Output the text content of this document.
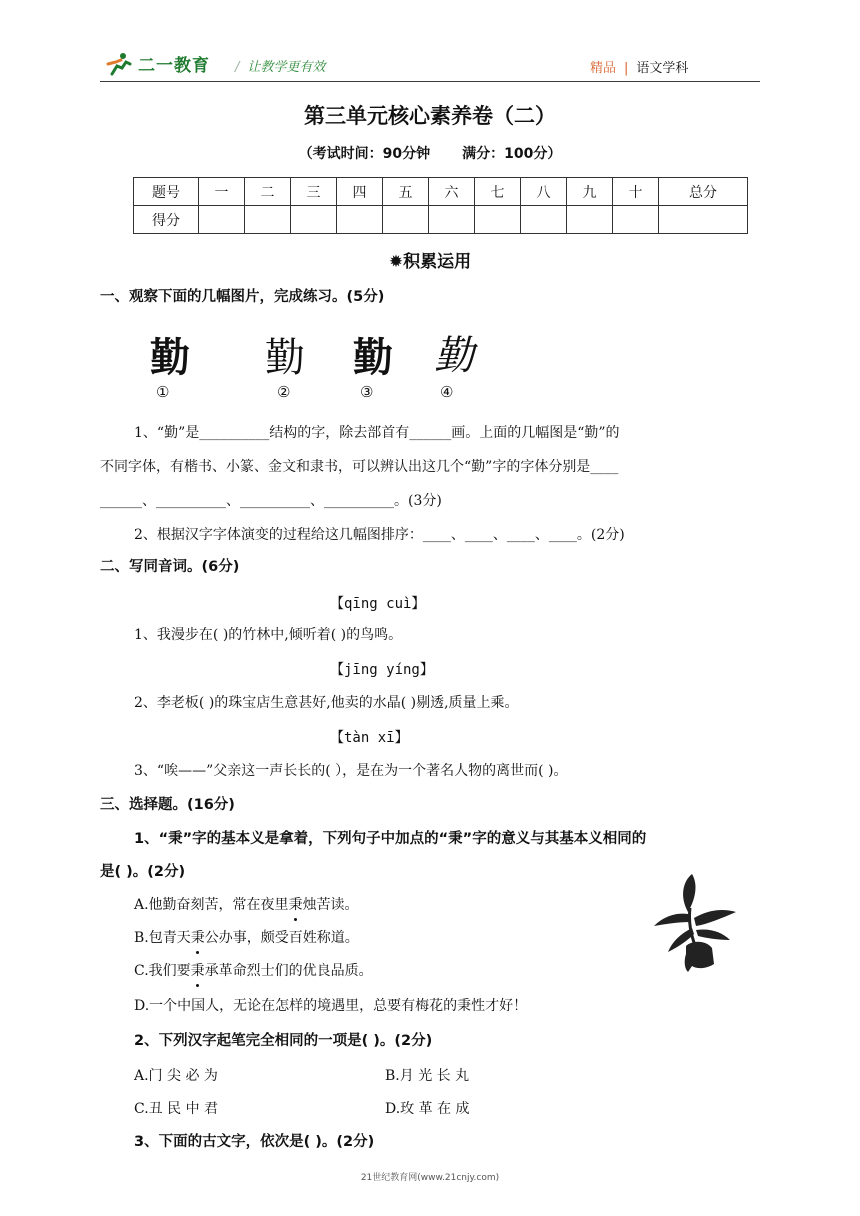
二一教育 / 让教学更有效	精品 | 语文学科
第三单元核心素养卷（二）
（考试时间：90分钟 满分：100分）
题号	一	二	三	四	五	六	七	八	九	十	总分
得分											
✹积累运用
一、观察下面的几幅图片，完成练习。(5分)
勤 勤 勤 勤
①	②	③	④
1、“勤”是__________结构的字，除去部首有______画。上面的几幅图是“勤”的
不同字体，有楷书、小篆、金文和隶书，可以辨认出这几个“勤”字的字体分别是____
______、__________、__________、__________。(3分)
2、根据汉字字体演变的过程给这几幅图排序：____、____、____、____。(2分)
二、写同音词。(6分)
【qīng cuì】
1、我漫步在( )的竹林中,倾听着( )的鸟鸣。
【jīng yíng】
2、李老板( )的珠宝店生意甚好,他卖的水晶( )剔透,质量上乘。
【tàn xī】
3、“唉——”父亲这一声长长的( ），是在为一个著名人物的离世而( )。
三、选择题。(16分)
1、“秉”字的基本义是拿着，下列句子中加点的“秉”字的意义与其基本义相同的
是( )。(2分)
A.他勤奋刻苦，常在夜里秉烛苦读。
B.包青天秉公办事，颇受百姓称道。
C.我们要秉承革命烈士们的优良品质。
D.一个中国人，无论在怎样的境遇里，总要有梅花的秉性才好！
2、下列汉字起笔完全相同的一项是( )。(2分)
A.门 尖 必 为	B.月 光 长 丸
C.丑 民 中 君	D.玫 革 在 成
3、下面的古文字，依次是( )。(2分)
21世纪教育网(www.21cnjy.com)
